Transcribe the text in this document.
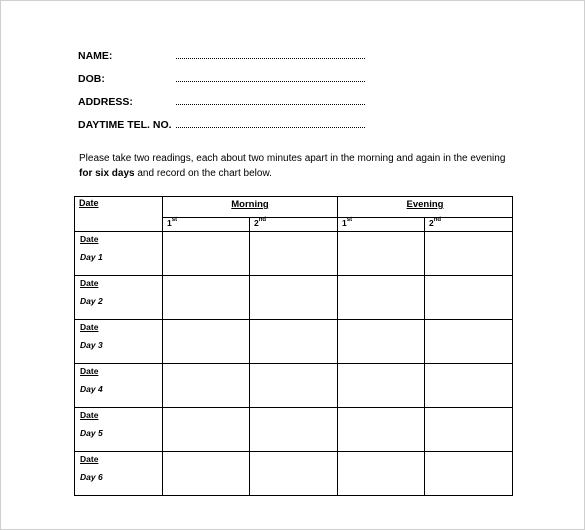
NAME:
DOB:
ADDRESS:
DAYTIME TEL. NO.
Please take two readings, each about two minutes apart in the morning and again in the evening
for six days and record on the chart below.
Date	Morning		Evening	
	1st	2nd	1st	2nd

Date
Day 1				

Date
Day 2				

Date
Day 3				

Date
Day 4				

Date
Day 5				

Date
Day 6				
